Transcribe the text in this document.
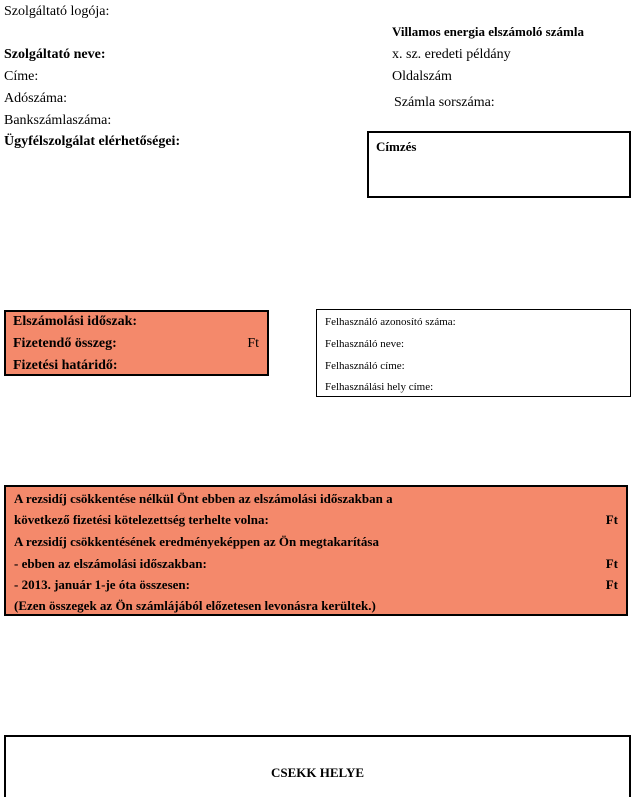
Szolgáltató logója:
Szolgáltató neve:
Címe:
Adószáma:
Bankszámlaszáma:
Ügyfélszolgálat elérhetőségei:
Villamos energia elszámoló számla
x. sz. eredeti példány
Oldalszám
Számla sorszáma:
Címzés
Elszámolási időszak:
Fizetendő összeg:	Ft
Fizetési határidő:
Felhasználó azonosító száma:
Felhasználó neve:
Felhasználó címe:
Felhasználási hely címe:
A rezsidíj csökkentése nélkül Önt ebben az elszámolási időszakban a
következő fizetési kötelezettség terhelte volna:	Ft
A rezsidíj csökkentésének eredményeképpen az Ön megtakarítása
- ebben az elszámolási időszakban:	Ft
- 2013. január 1-je óta összesen:	Ft
(Ezen összegek az Ön számlájából előzetesen levonásra kerültek.)
CSEKK HELYE
